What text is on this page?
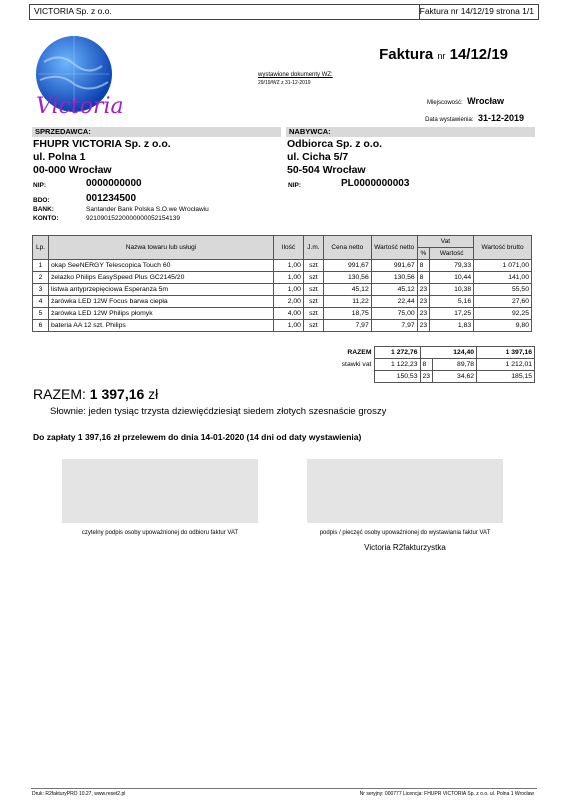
VICTORIA Sp. z o.o.	Faktura nr 14/12/19 strona 1/1
Victoria
Faktura nr 14/12/19
wystawione dokumenty WZ:
29/19/WZ z 31-12-2019
Miejscowość: Wrocław
Data wystawienia: 31-12-2019
SPRZEDAWCA:
FHUPR VICTORIA Sp. z o.o.
ul. Polna 1
00-000 Wrocław
NIP:	0000000000
BDO:	001234500
BANK:	Santander Bank Polska S.O.we Wrocławiu
KONTO:	92109015220000000052154139
NABYWCA:
Odbiorca Sp. z o.o.
ul. Cicha 5/7
50-504 Wrocław
NIP:	PL0000000003
Lp.	Nazwa towaru lub usługi	Ilość	J.m.	Cena netto	Wartość netto	Vat		Wartość brutto
						%	Wartość	
1	okap SeeNERGY Telescopica Touch 60	1,00	szt	991,67	991,67	8	79,33	1 071,00
2	żelazko Philips EasySpeed Plus GC2145/20	1,00	szt	130,56	130,56	8	10,44	141,00
3	listwa antyprzepięciowa Esperanza 5m	1,00	szt	45,12	45,12	23	10,38	55,50
4	żarówka LED 12W Focus barwa ciepła	2,00	szt	11,22	22,44	23	5,16	27,60
5	żarówka LED 12W Philips płomyk	4,00	szt	18,75	75,00	23	17,25	92,25
6	bateria AA 12 szt. Philips	1,00	szt	7,97	7,97	23	1,83	9,80
RAZEM	1 272,76	124,40		1 397,16
stawki vat	1 122,23	8	89,78	1 212,01
	150,53	23	34,62	185,15
RAZEM: 1 397,16 zł
Słownie: jeden tysiąc trzysta dziewięćdziesiąt siedem złotych szesnaście groszy
Do zapłaty 1 397,16 zł przelewem do dnia 14-01-2020 (14 dni od daty wystawienia)
czytelny podpis osoby upoważnionej do odbioru faktur VAT	podpis / pieczęć osoby upoważnionej do wystawiania faktur VAT
Victoria R2fakturzystka
Druk: R2fakturyPRO 10.27, www.reset2.pl	Nr seryjny: 000777 Licencja: FHUPR VICTORIA Sp. z o.o. ul. Polna 1 Wrocław
